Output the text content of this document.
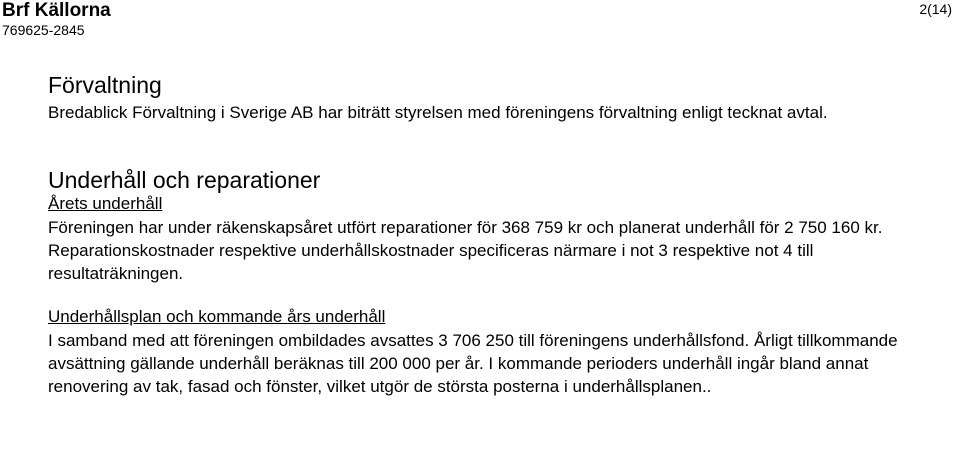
Brf Källorna
769625-2845
2(14)
Förvaltning

Bredablick Förvaltning i Sverige AB har biträtt styrelsen med föreningens förvaltning enligt tecknat avtal.

Underhåll och reparationer
Årets underhåll

Föreningen har under räkenskapsåret utfört reparationer för 368 759 kr och planerat underhåll för 2 750 160 kr. Reparationskostnader respektive underhållskostnader specificeras närmare i not 3 respektive not 4 till resultaträkningen.

Underhållsplan och kommande års underhåll

I samband med att föreningen ombildades avsattes 3 706 250 till föreningens underhållsfond. Årligt tillkommande avsättning gällande underhåll beräknas till 200 000 per år. I kommande perioders underhåll ingår bland annat renovering av tak, fasad och fönster, vilket utgör de största posterna i underhållsplanen..
